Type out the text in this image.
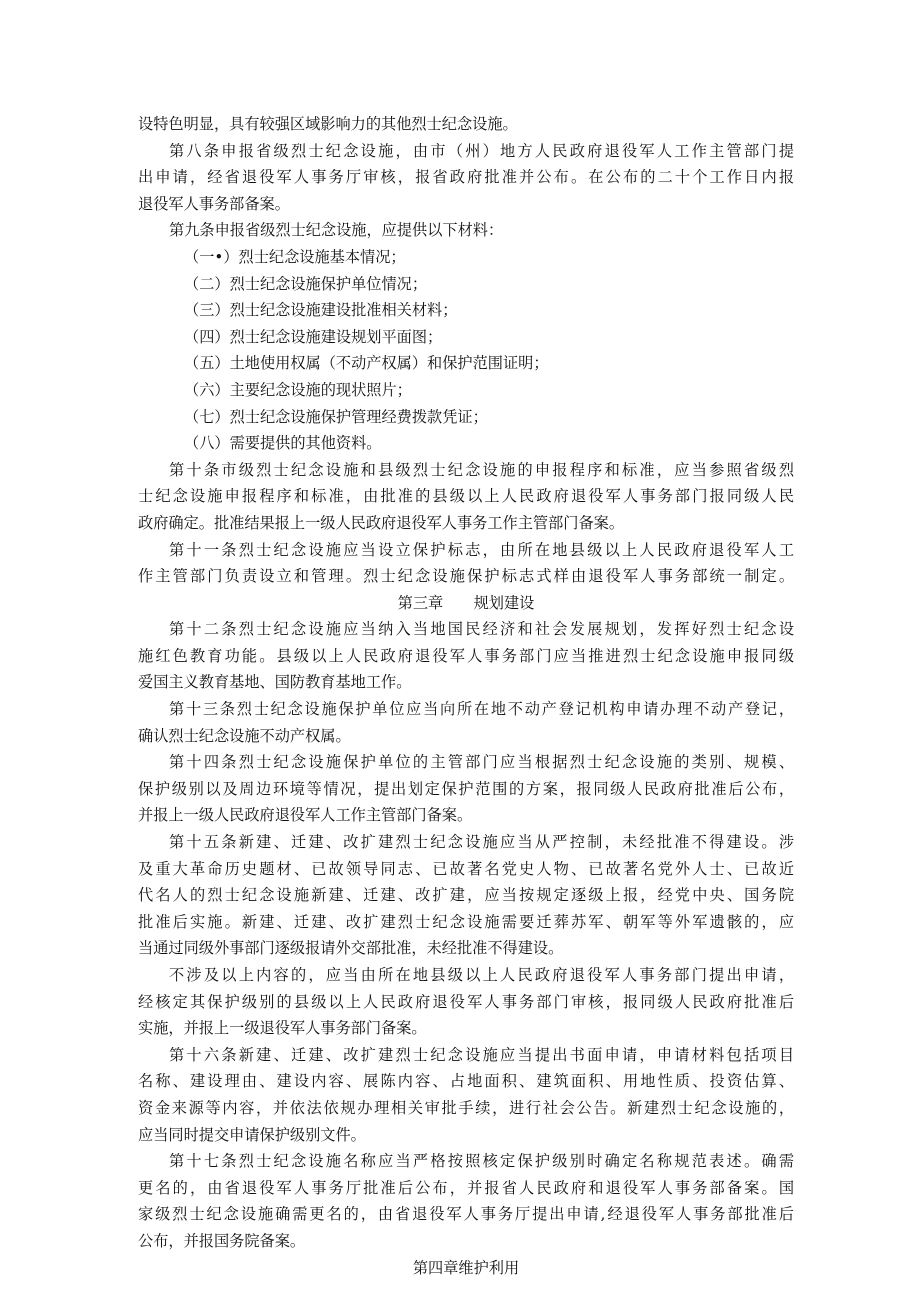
设特色明显，具有较强区域影响力的其他烈士纪念设施。
第八条申报省级烈士纪念设施，由市（州）地方人民政府退役军人工作主管部门提
出申请，经省退役军人事务厅审核，报省政府批准并公布。在公布的二十个工作日内报
退役军人事务部备案。
第九条申报省级烈士纪念设施，应提供以下材料：
（一•）烈士纪念设施基本情况；
（二）烈士纪念设施保护单位情况；
（三）烈士纪念设施建设批准相关材料；
（四）烈士纪念设施建设规划平面图；
（五）土地使用权属（不动产权属）和保护范围证明；
（六）主要纪念设施的现状照片；
（七）烈士纪念设施保护管理经费拨款凭证；
（八）需要提供的其他资料。
第十条市级烈士纪念设施和县级烈士纪念设施的申报程序和标准，应当参照省级烈
士纪念设施申报程序和标准，由批准的县级以上人民政府退役军人事务部门报同级人民
政府确定。批准结果报上一级人民政府退役军人事务工作主管部门备案。
第十一条烈士纪念设施应当设立保护标志，由所在地县级以上人民政府退役军人工
作主管部门负责设立和管理。烈士纪念设施保护标志式样由退役军人事务部统一制定。
第三章　　规划建设
第十二条烈士纪念设施应当纳入当地国民经济和社会发展规划，发挥好烈士纪念设
施红色教育功能。县级以上人民政府退役军人事务部门应当推进烈士纪念设施申报同级
爱国主义教育基地、国防教育基地工作。
第十三条烈士纪念设施保护单位应当向所在地不动产登记机构申请办理不动产登记，
确认烈士纪念设施不动产权属。
第十四条烈士纪念设施保护单位的主管部门应当根据烈士纪念设施的类别、规模、
保护级别以及周边环境等情况，提出划定保护范围的方案，报同级人民政府批准后公布，
并报上一级人民政府退役军人工作主管部门备案。
第十五条新建、迁建、改扩建烈士纪念设施应当从严控制，未经批准不得建设。涉
及重大革命历史题材、已故领导同志、已故著名党史人物、已故著名党外人士、已故近
代名人的烈士纪念设施新建、迁建、改扩建，应当按规定逐级上报，经党中央、国务院
批准后实施。新建、迁建、改扩建烈士纪念设施需要迁葬苏军、朝军等外军遗骸的，应
当通过同级外事部门逐级报请外交部批准，未经批准不得建设。
不涉及以上内容的，应当由所在地县级以上人民政府退役军人事务部门提出申请，
经核定其保护级别的县级以上人民政府退役军人事务部门审核，报同级人民政府批准后
实施，并报上一级退役军人事务部门备案。
第十六条新建、迁建、改扩建烈士纪念设施应当提出书面申请，申请材料包括项目
名称、建设理由、建设内容、展陈内容、占地面积、建筑面积、用地性质、投资估算、
资金来源等内容，并依法依规办理相关审批手续，进行社会公告。新建烈士纪念设施的，
应当同时提交申请保护级别文件。
第十七条烈士纪念设施名称应当严格按照核定保护级别时确定名称规范表述。确需
更名的，由省退役军人事务厅批准后公布，并报省人民政府和退役军人事务部备案。国
家级烈士纪念设施确需更名的，由省退役军人事务厅提出申请,经退役军人事务部批准后
公布，并报国务院备案。
第四章维护利用
